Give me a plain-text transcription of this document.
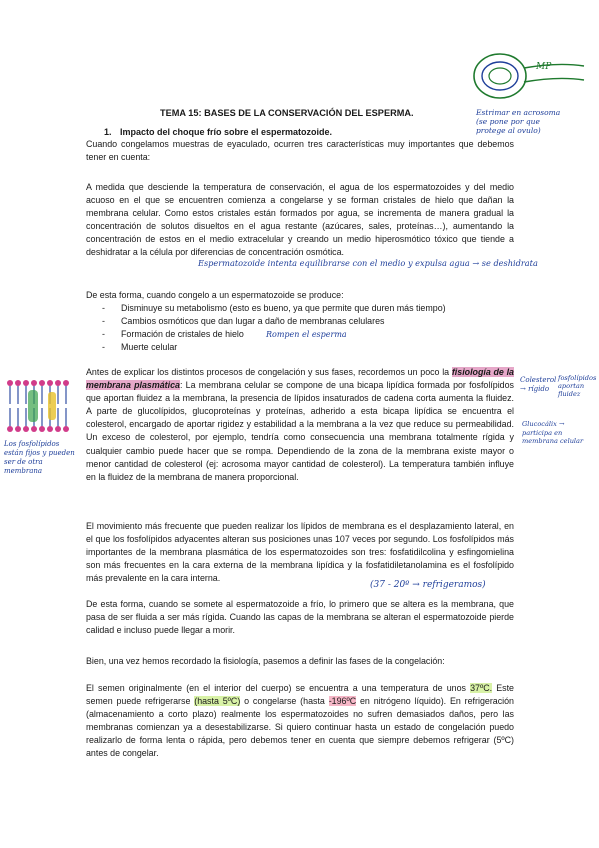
MP

Estrimar en acrosoma (se pone por que protege al ovulo)

TEMA 15: BASES DE LA CONSERVACIÓN DEL ESPERMA.
1. Impacto del choque frío sobre el espermatozoide.

Cuando congelamos muestras de eyaculado, ocurren tres características muy importantes que debemos tener en cuenta:

A medida que desciende la temperatura de conservación, el agua de los espermatozoides y del medio acuoso en el que se encuentren comienza a congelarse y se forman cristales de hielo que dañan la membrana celular. Como estos cristales están formados por agua, se incrementa de manera gradual la concentración de solutos disueltos en el agua restante (azúcares, sales, proteínas…), aumentando la concentración de estos en el medio extracelular y creando un medio hiperosmótico tóxico que tiende a deshidratar a la célula por diferencias de concentración osmótica.

Espermatozoide intenta equilibrarse con el medio y expulsa agua → se deshidrata

De esta forma, cuando congelo a un espermatozoide se produce:

- Disminuye su metabolismo (esto es bueno, ya que permite que duren más tiempo)
- Cambios osmóticos que dan lugar a daño de membranas celulares
- Formación de cristales de hielo
- Muerte celular

Rompen el esperma

Los fosfolípidos están fijos y pueden ser de otra membrana

Antes de explicar los distintos procesos de congelación y sus fases, recordemos un poco la fisiología de la membrana plasmática: La membrana celular se compone de una bicapa lipídica formada por fosfolípidos que aportan fluidez a la membrana, la presencia de lípidos insaturados de cadena corta aumenta la fluidez. A parte de glucolípidos, glucoproteínas y proteínas, adherido a esta bicapa lipídica se encuentra el colesterol, encargado de aportar rigidez y estabilidad a la membrana a la vez que reduce su permeabilidad. Un exceso de colesterol, por ejemplo, tendría como consecuencia una membrana totalmente rígida y cualquier cambio puede hacer que se rompa. Dependiendo de la zona de la membrana existe mayor o menor cantidad de colesterol (ej: acrosoma mayor cantidad de colesterol). La temperatura también influye en la fluidez de la membrana de manera proporcional.

Colesterol → rígido

fosfolípidos aportan fluidez

Glucocálix → participa en membrana celular

El movimiento más frecuente que pueden realizar los lípidos de membrana es el desplazamiento lateral, en el que los fosfolípidos adyacentes alteran sus posiciones unas 107 veces por segundo. Los fosfolípidos más importantes de la membrana plasmática de los espermatozoides son tres: fosfatidilcolina y esfingomielina son más frecuentes en la cara externa de la membrana lipídica y la fosfatidiletanolamina es el fosfolípido más prevalente en la cara interna.

(37 - 20º → refrigeramos)

De esta forma, cuando se somete al espermatozoide a frío, lo primero que se altera es la membrana, que pasa de ser fluida a ser más rígida. Cuando las capas de la membrana se alteran el espermatozoide pierde calidad e incluso puede llegar a morir.

Bien, una vez hemos recordado la fisiología, pasemos a definir las fases de la congelación:

El semen originalmente (en el interior del cuerpo) se encuentra a una temperatura de unos 37ºC. Este semen puede refrigerarse (hasta 5ºC) o congelarse (hasta -196ºC en nitrógeno líquido). En refrigeración (almacenamiento a corto plazo) realmente los espermatozoides no sufren demasiados daños, pero las membranas comienzan ya a desestabilizarse. Si quiero continuar hasta un estado de congelación puedo realizarlo de forma lenta o rápida, pero debemos tener en cuenta que siempre debemos refrigerar (5ºC) antes de congelar.
